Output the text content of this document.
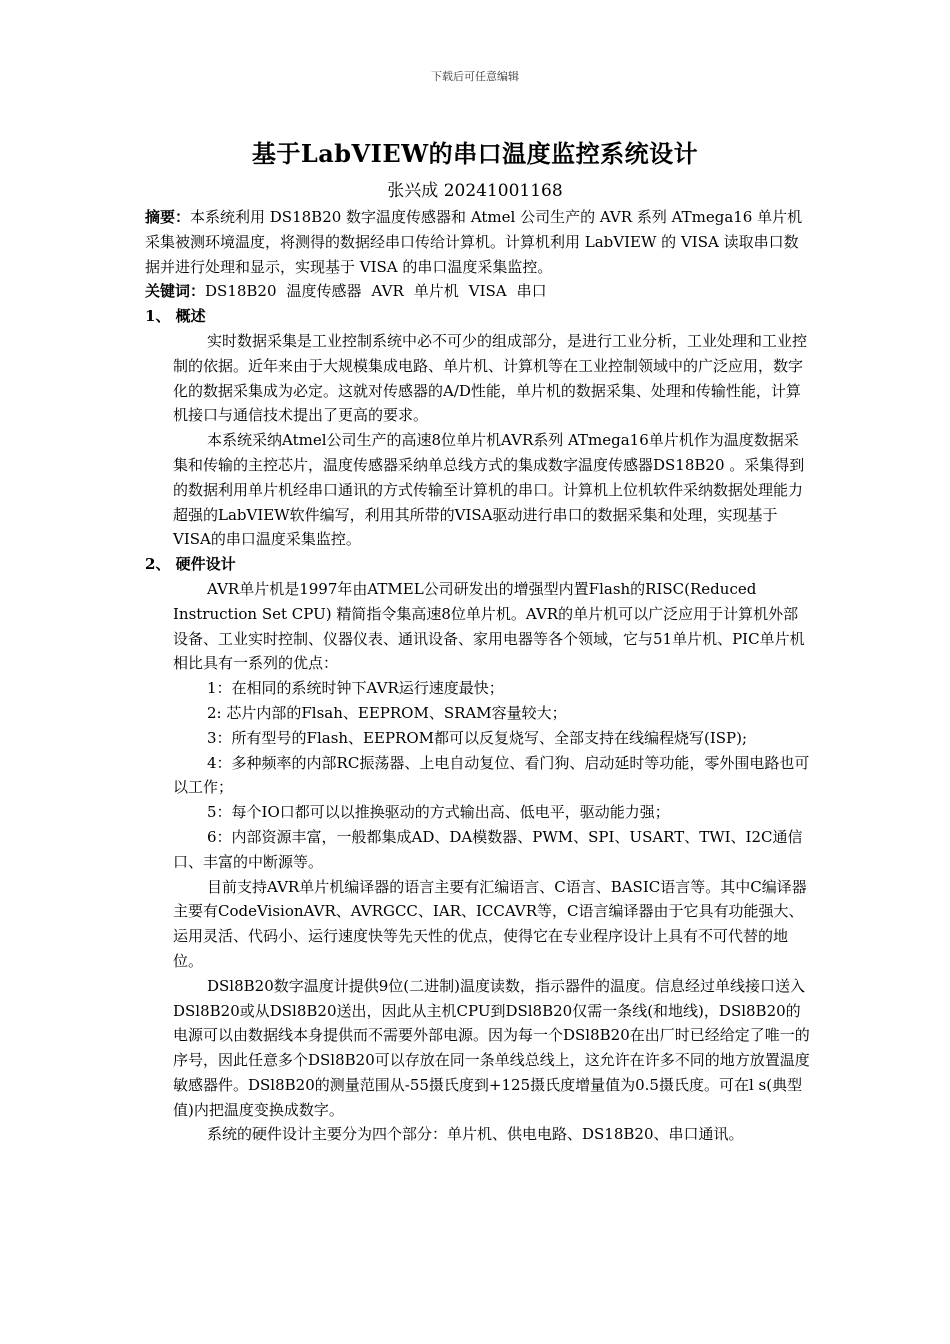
下载后可任意编辑
基于LabVIEW的串口温度监控系统设计
张兴成 20241001168

摘要：本系统利用 DS18B20 数字温度传感器和 Atmel 公司生产的 AVR 系列 ATmega16 单片机采集被测环境温度，将测得的数据经串口传给计算机。计算机利用 LabVIEW 的 VISA 读取串口数据并进行处理和显示，实现基于 VISA 的串口温度采集监控。

关键词：DS18B20 温度传感器 AVR 单片机 VISA 串口

1、 概述

实时数据采集是工业控制系统中必不可少的组成部分，是进行工业分析，工业处理和工业控制的依据。近年来由于大规模集成电路、单片机、计算机等在工业控制领域中的广泛应用，数字化的数据采集成为必定。这就对传感器的A/D性能，单片机的数据采集、处理和传输性能，计算机接口与通信技术提出了更高的要求。

本系统采纳Atmel公司生产的高速8位单片机AVR系列 ATmega16单片机作为温度数据采集和传输的主控芯片，温度传感器采纳单总线方式的集成数字温度传感器DS18B20 。采集得到的数据利用单片机经串口通讯的方式传输至计算机的串口。计算机上位机软件采纳数据处理能力超强的LabVIEW软件编写，利用其所带的VISA驱动进行串口的数据采集和处理，实现基于VISA的串口温度采集监控。

2、 硬件设计

AVR单片机是1997年由ATMEL公司研发出的增强型内置Flash的RISC(Reduced Instruction Set CPU) 精简指令集高速8位单片机。AVR的单片机可以广泛应用于计算机外部设备、工业实时控制、仪器仪表、通讯设备、家用电器等各个领域，它与51单片机、PIC单片机相比具有一系列的优点：

1：在相同的系统时钟下AVR运行速度最快；

2: 芯片内部的Flsah、EEPROM、SRAM容量较大；

3：所有型号的Flash、EEPROM都可以反复烧写、全部支持在线编程烧写(ISP);

4：多种频率的内部RC振荡器、上电自动复位、看门狗、启动延时等功能，零外围电路也可以工作；

5：每个IO口都可以以推换驱动的方式输出高、低电平，驱动能力强；

6：内部资源丰富，一般都集成AD、DA模数器、PWM、SPI、USART、TWI、I2C通信口、丰富的中断源等。

目前支持AVR单片机编译器的语言主要有汇编语言、C语言、BASIC语言等。其中C编译器主要有CodeVisionAVR、AVRGCC、IAR、ICCAVR等，C语言编译器由于它具有功能强大、 运用灵活、代码小、运行速度快等先天性的优点，使得它在专业程序设计上具有不可代替的地位。

DSl8B20数字温度计提供9位(二进制)温度读数，指示器件的温度。信息经过单线接口送入DSl8B20或从DSl8B20送出，因此从主机CPU到DSl8B20仅需一条线(和地线)，DSl8B20的电源可以由数据线本身提供而不需要外部电源。因为每一个DSl8B20在出厂时已经给定了唯一的序号，因此任意多个DSl8B20可以存放在同一条单线总线上，这允许在许多不同的地方放置温度敏感器件。DSl8B20的测量范围从-55摄氏度到+125摄氏度增量值为0.5摄氏度。可在l s(典型值)内把温度变换成数字。

系统的硬件设计主要分为四个部分：单片机、供电电路、DS18B20、串口通讯。
